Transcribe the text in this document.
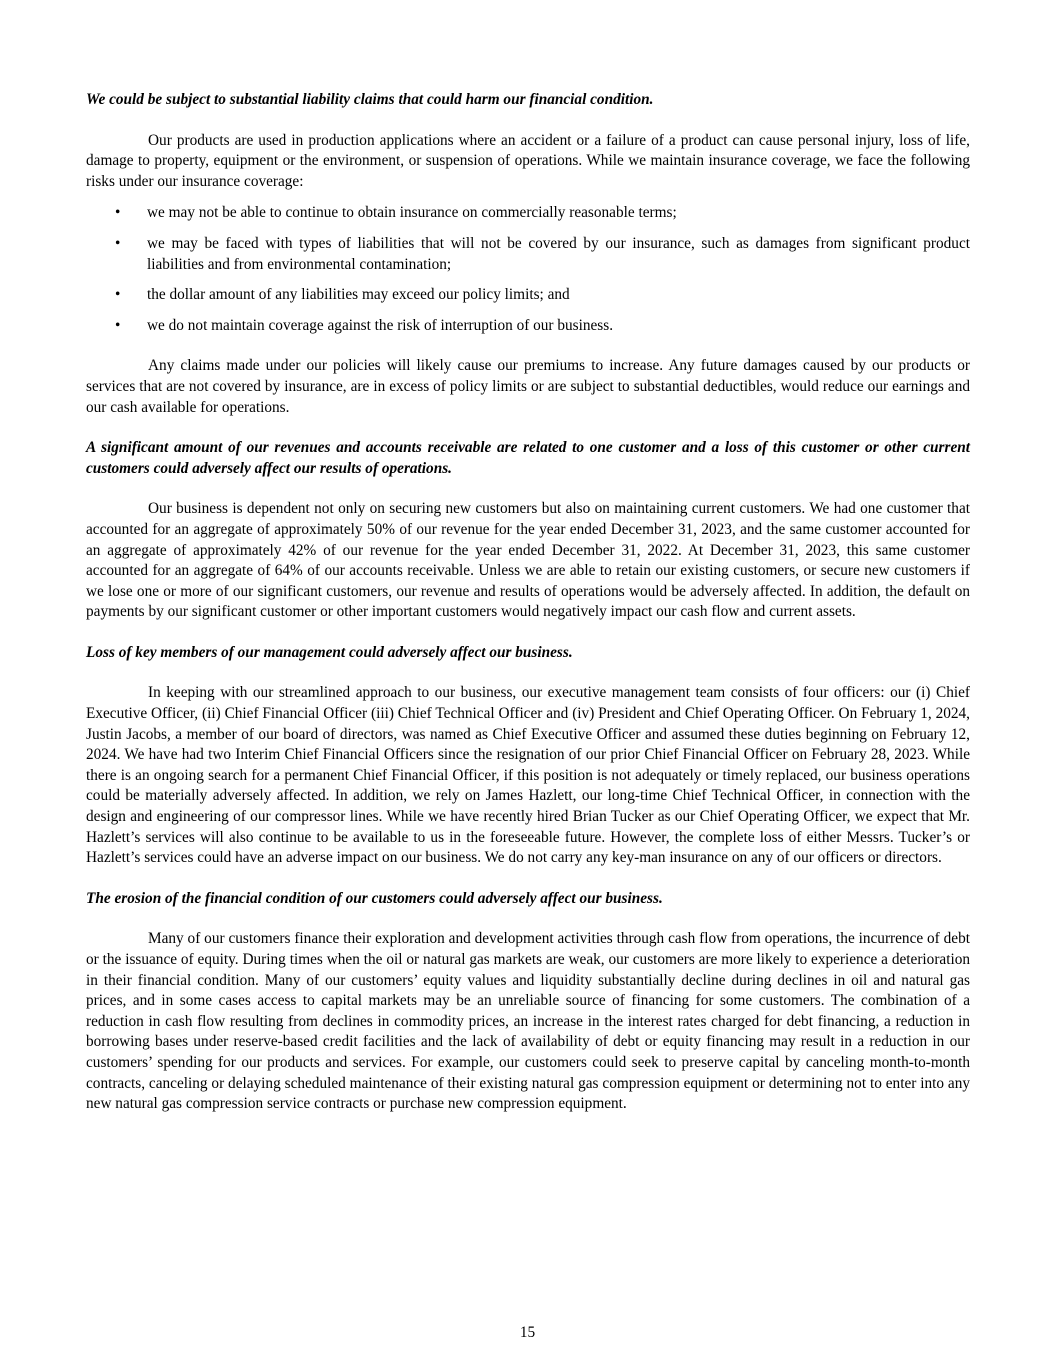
We could be subject to substantial liability claims that could harm our financial condition.

Our products are used in production applications where an accident or a failure of a product can cause personal injury, loss of life, damage to property, equipment or the environment, or suspension of operations. While we maintain insurance coverage, we face the following risks under our insurance coverage:

• we may not be able to continue to obtain insurance on commercially reasonable terms;
• we may be faced with types of liabilities that will not be covered by our insurance, such as damages from significant product liabilities and from environmental contamination;
• the dollar amount of any liabilities may exceed our policy limits; and
• we do not maintain coverage against the risk of interruption of our business.

Any claims made under our policies will likely cause our premiums to increase. Any future damages caused by our products or services that are not covered by insurance, are in excess of policy limits or are subject to substantial deductibles, would reduce our earnings and our cash available for operations.

A significant amount of our revenues and accounts receivable are related to one customer and a loss of this customer or other current customers could adversely affect our results of operations.

Our business is dependent not only on securing new customers but also on maintaining current customers. We had one customer that accounted for an aggregate of approximately 50% of our revenue for the year ended December 31, 2023, and the same customer accounted for an aggregate of approximately 42% of our revenue for the year ended December 31, 2022. At December 31, 2023, this same customer accounted for an aggregate of 64% of our accounts receivable. Unless we are able to retain our existing customers, or secure new customers if we lose one or more of our significant customers, our revenue and results of operations would be adversely affected. In addition, the default on payments by our significant customer or other important customers would negatively impact our cash flow and current assets.

Loss of key members of our management could adversely affect our business.

In keeping with our streamlined approach to our business, our executive management team consists of four officers: our (i) Chief Executive Officer, (ii) Chief Financial Officer (iii) Chief Technical Officer and (iv) President and Chief Operating Officer. On February 1, 2024, Justin Jacobs, a member of our board of directors, was named as Chief Executive Officer and assumed these duties beginning on February 12, 2024. We have had two Interim Chief Financial Officers since the resignation of our prior Chief Financial Officer on February 28, 2023. While there is an ongoing search for a permanent Chief Financial Officer, if this position is not adequately or timely replaced, our business operations could be materially adversely affected. In addition, we rely on James Hazlett, our long-time Chief Technical Officer, in connection with the design and engineering of our compressor lines. While we have recently hired Brian Tucker as our Chief Operating Officer, we expect that Mr. Hazlett’s services will also continue to be available to us in the foreseeable future. However, the complete loss of either Messrs. Tucker’s or Hazlett’s services could have an adverse impact on our business. We do not carry any key-man insurance on any of our officers or directors.

The erosion of the financial condition of our customers could adversely affect our business.

Many of our customers finance their exploration and development activities through cash flow from operations, the incurrence of debt or the issuance of equity. During times when the oil or natural gas markets are weak, our customers are more likely to experience a deterioration in their financial condition. Many of our customers’ equity values and liquidity substantially decline during declines in oil and natural gas prices, and in some cases access to capital markets may be an unreliable source of financing for some customers. The combination of a reduction in cash flow resulting from declines in commodity prices, an increase in the interest rates charged for debt financing, a reduction in borrowing bases under reserve-based credit facilities and the lack of availability of debt or equity financing may result in a reduction in our customers’ spending for our products and services. For example, our customers could seek to preserve capital by canceling month-to-month contracts, canceling or delaying scheduled maintenance of their existing natural gas compression equipment or determining not to enter into any new natural gas compression service contracts or purchase new compression equipment.

15
